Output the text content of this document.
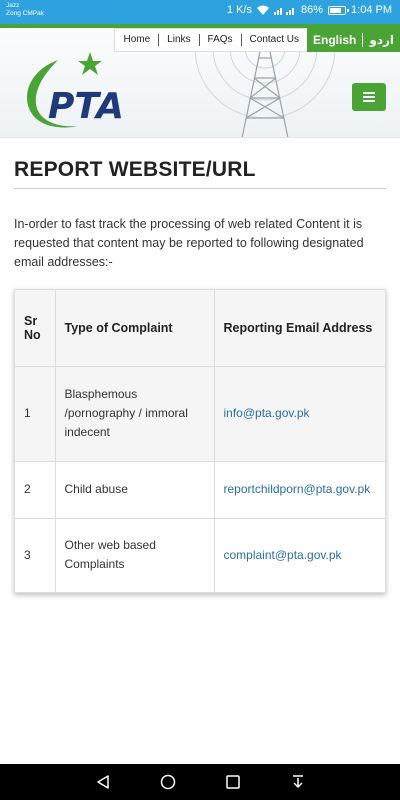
Jazz
Zong CMPak	1 K/s	86%	1:04 PM
Home	Links	FAQs	Contact Us	English اردو
PTA
REPORT WEBSITE/URL

In-order to fast track the processing of web related Content it is requested that content may be reported to following designated email addresses:-

Sr No	Type of Complaint	Reporting Email Address
1	Blasphemous /pornography / immoral indecent	info@pta.gov.pk
2	Child abuse	reportchildporn@pta.gov.pk
3	Other web based Complaints	complaint@pta.gov.pk
